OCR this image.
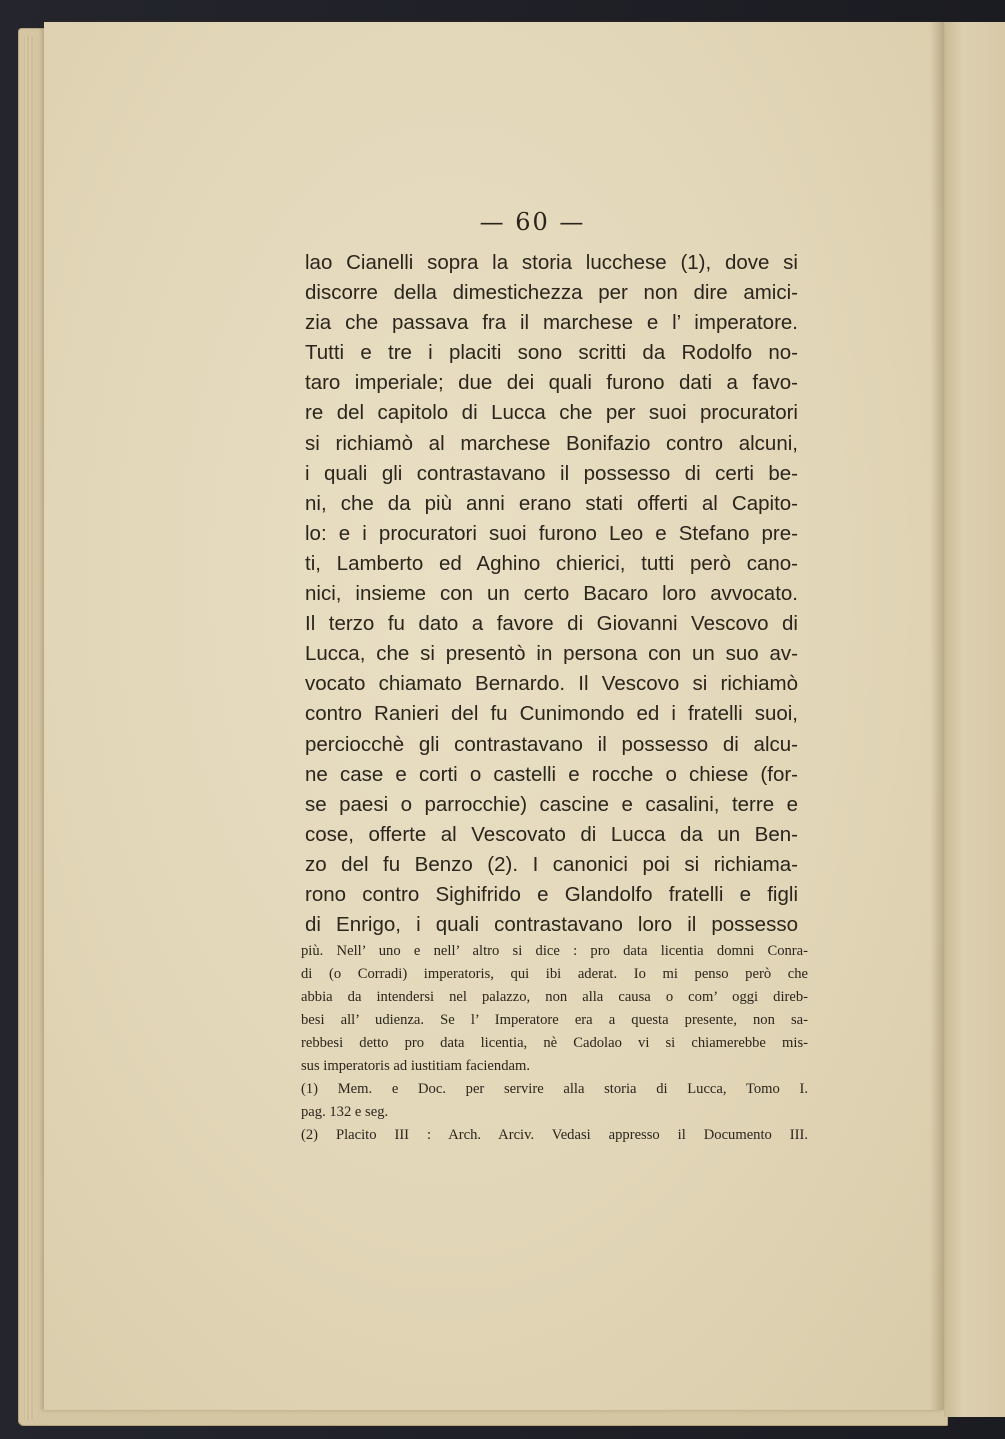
— 60 —
lao Cianelli sopra la storia lucchese (1), dove si
discorre della dimestichezza per non dire amici-
zia che passava fra il marchese e l’ imperatore.
Tutti e tre i placiti sono scritti da Rodolfo no-
taro imperiale; due dei quali furono dati a favo-
re del capitolo di Lucca che per suoi procuratori
si richiamò al marchese Bonifazio contro alcuni,
i quali gli contrastavano il possesso di certi be-
ni, che da più anni erano stati offerti al Capito-
lo: e i procuratori suoi furono Leo e Stefano pre-
ti, Lamberto ed Aghino chierici, tutti però cano-
nici, insieme con un certo Bacaro loro avvocato.
Il terzo fu dato a favore di Giovanni Vescovo di
Lucca, che si presentò in persona con un suo av-
vocato chiamato Bernardo. Il Vescovo si richiamò
contro Ranieri del fu Cunimondo ed i fratelli suoi,
perciocchè gli contrastavano il possesso di alcu-
ne case e corti o castelli e rocche o chiese (for-
se paesi o parrocchie) cascine e casalini, terre e
cose, offerte al Vescovato di Lucca da un Ben-
zo del fu Benzo (2). I canonici poi si richiama-
rono contro Sighifrido e Glandolfo fratelli e figli
di Enrigo, i quali contrastavano loro il possesso
più. Nell’ uno e nell’ altro si dice : pro data licentia domni Conra-
di (o Corradi) imperatoris, qui ibi aderat. Io mi penso però che
abbia da intendersi nel palazzo, non alla causa o com’ oggi direb-
besi all’ udienza. Se l’ Imperatore era a questa presente, non sa-
rebbesi detto pro data licentia, nè Cadolao vi si chiamerebbe mis-
sus imperatoris ad iustitiam faciendam.
(1) Mem. e Doc. per servire alla storia di Lucca, Tomo I.
pag. 132 e seg.
(2) Placito III : Arch. Arciv. Vedasi appresso il Documento III.
